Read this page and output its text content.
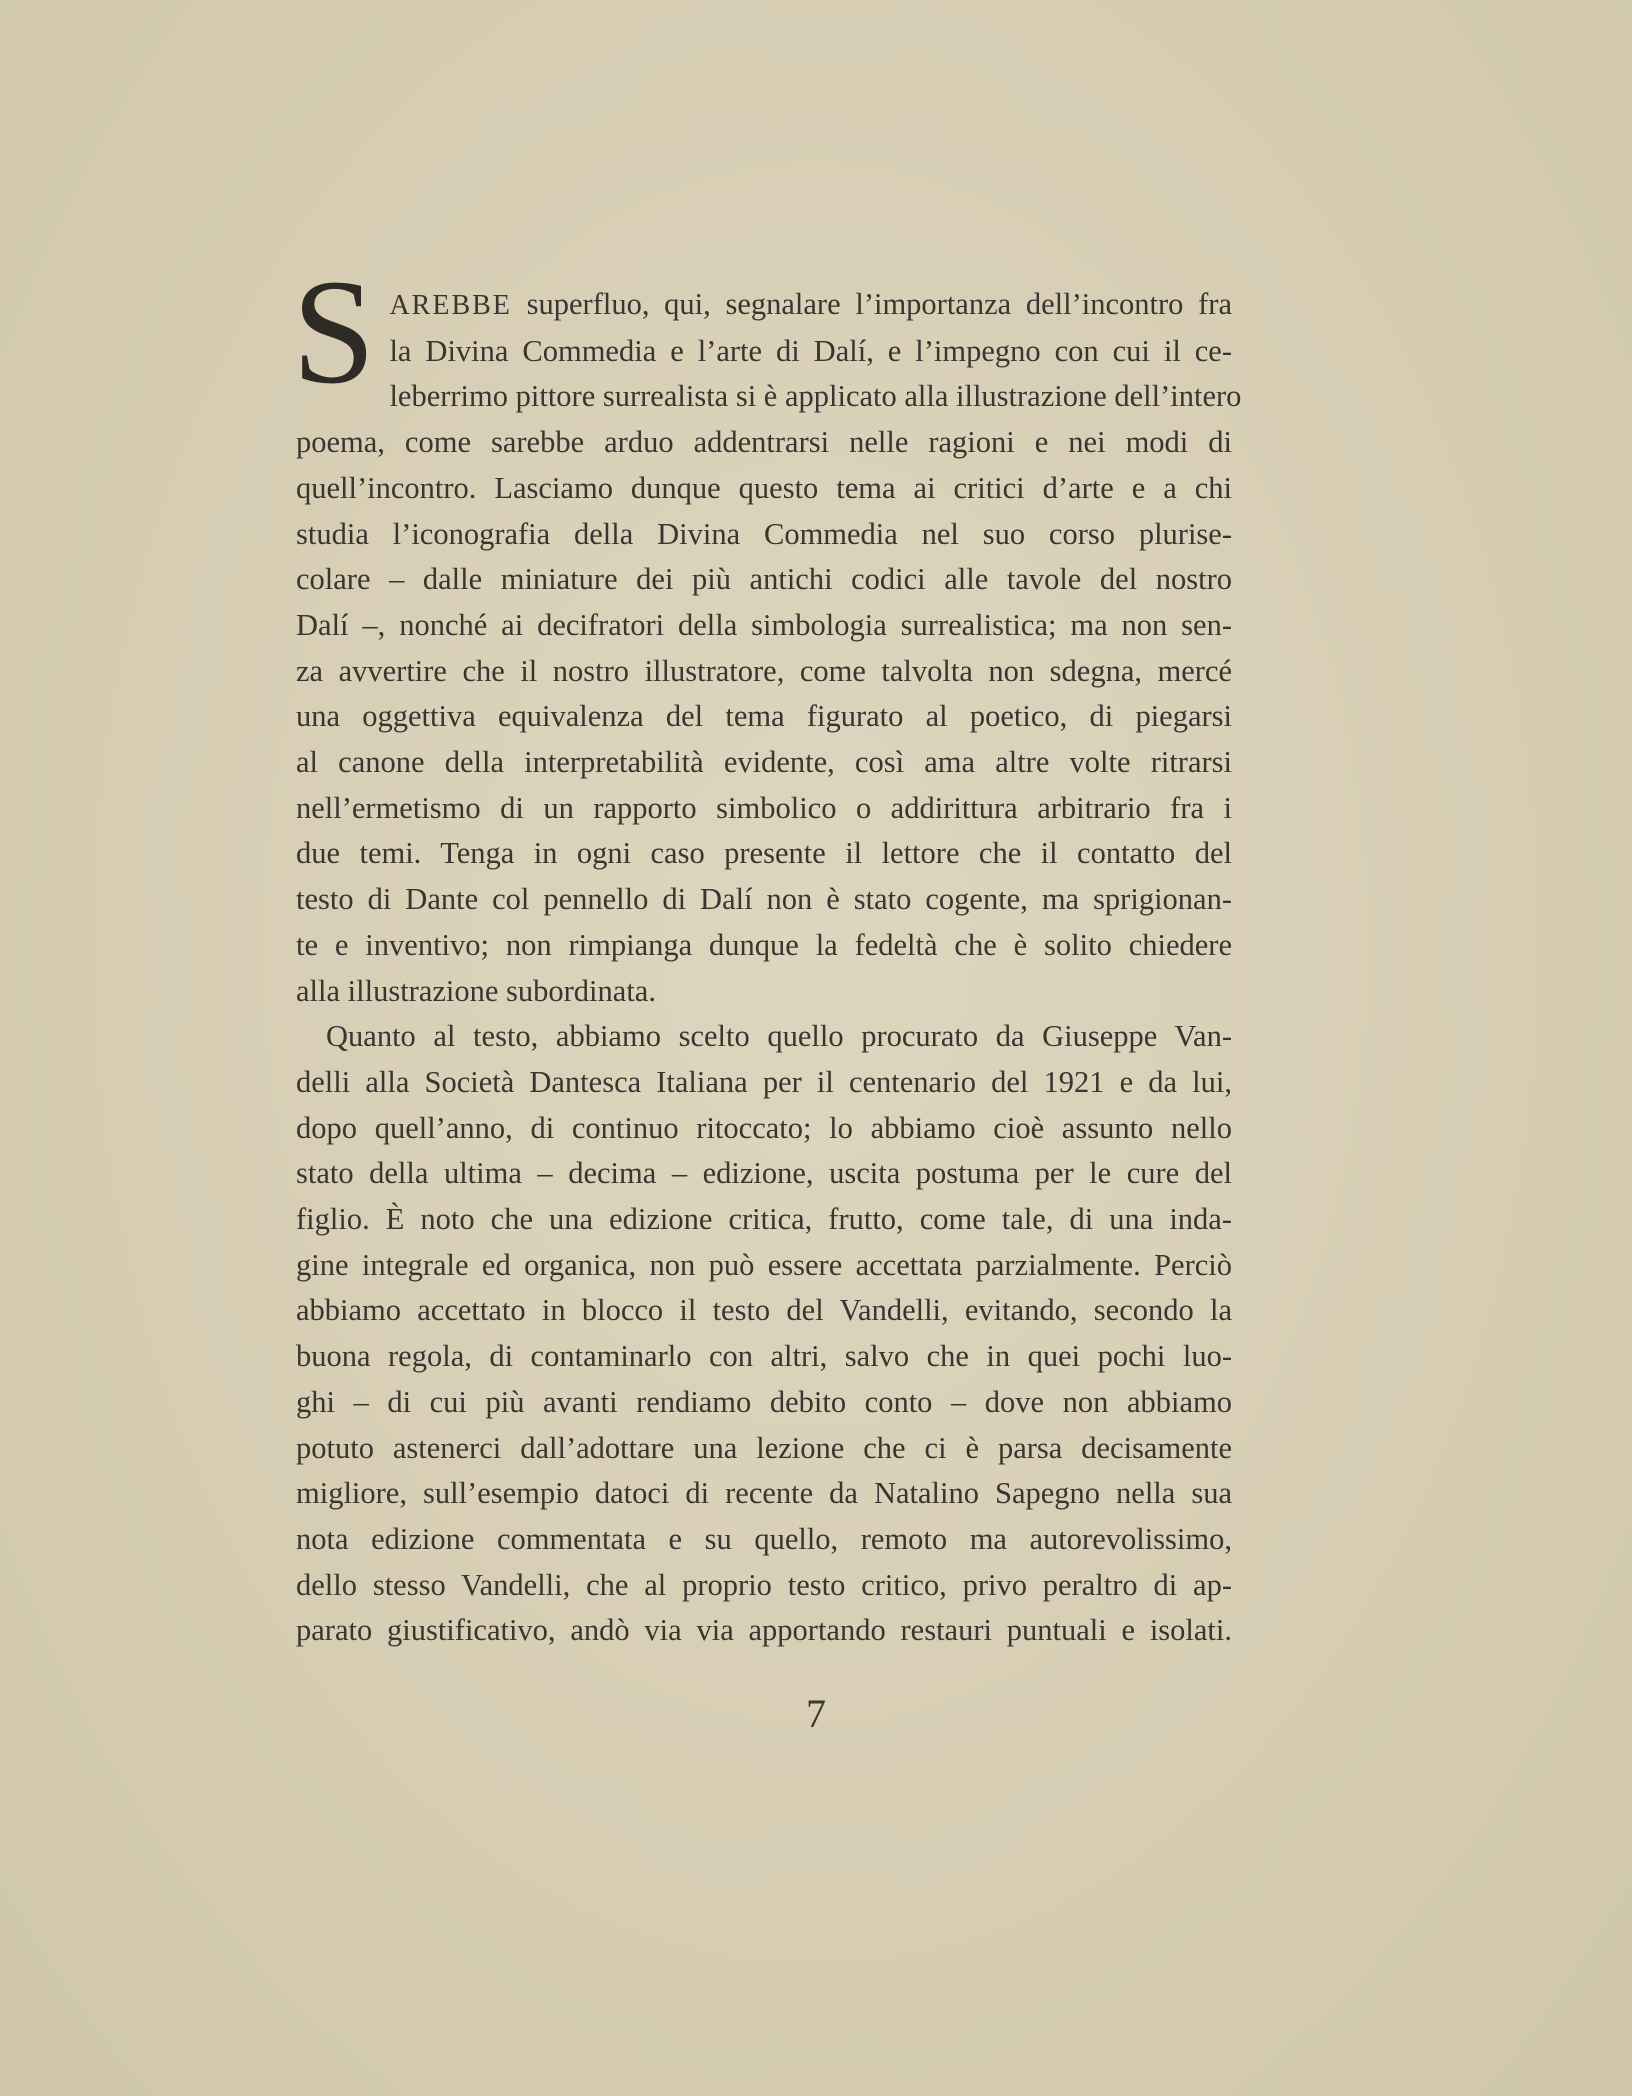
S AREBBE superfluo, qui, segnalare l’importanza dell’incontro fra
la Divina Commedia e l’arte di Dalí, e l’impegno con cui il ce-
leberrimo pittore surrealista si è applicato alla illustrazione dell’intero
poema, come sarebbe arduo addentrarsi nelle ragioni e nei modi di
quell’incontro. Lasciamo dunque questo tema ai critici d’arte e a chi
studia l’iconografia della Divina Commedia nel suo corso plurise-
colare – dalle miniature dei più antichi codici alle tavole del nostro
Dalí –, nonché ai decifratori della simbologia surrealistica; ma non sen-
za avvertire che il nostro illustratore, come talvolta non sdegna, mercé
una oggettiva equivalenza del tema figurato al poetico, di piegarsi
al canone della interpretabilità evidente, così ama altre volte ritrarsi
nell’ermetismo di un rapporto simbolico o addirittura arbitrario fra i
due temi. Tenga in ogni caso presente il lettore che il contatto del
testo di Dante col pennello di Dalí non è stato cogente, ma sprigionan-
te e inventivo; non rimpianga dunque la fedeltà che è solito chiedere
alla illustrazione subordinata.
Quanto al testo, abbiamo scelto quello procurato da Giuseppe Van-
delli alla Società Dantesca Italiana per il centenario del 1921 e da lui,
dopo quell’anno, di continuo ritoccato; lo abbiamo cioè assunto nello
stato della ultima – decima – edizione, uscita postuma per le cure del
figlio. È noto che una edizione critica, frutto, come tale, di una inda-
gine integrale ed organica, non può essere accettata parzialmente. Perciò
abbiamo accettato in blocco il testo del Vandelli, evitando, secondo la
buona regola, di contaminarlo con altri, salvo che in quei pochi luo-
ghi – di cui più avanti rendiamo debito conto – dove non abbiamo
potuto astenerci dall’adottare una lezione che ci è parsa decisamente
migliore, sull’esempio datoci di recente da Natalino Sapegno nella sua
nota edizione commentata e su quello, remoto ma autorevolissimo,
dello stesso Vandelli, che al proprio testo critico, privo peraltro di ap-
parato giustificativo, andò via via apportando restauri puntuali e isolati.
7
